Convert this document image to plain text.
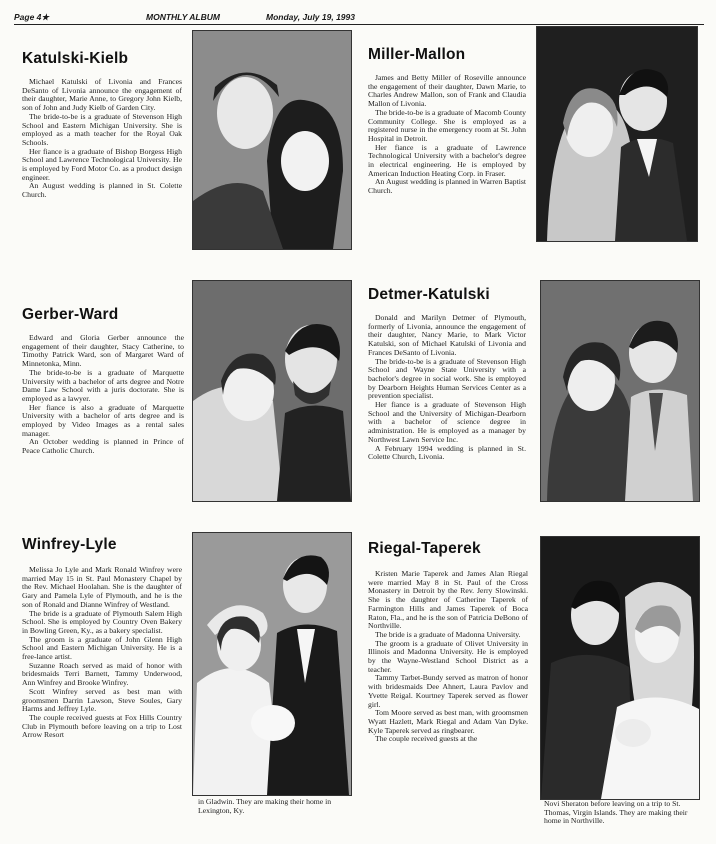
Page 4★	MONTHLY ALBUM	Monday, July 19, 1993
Katulski-Kielb

Michael Katulski of Livonia and Frances DeSanto of Livonia announce the engagement of their daughter, Marie Anne, to Gregory John Kielb, son of John and Judy Kielb of Garden City.

The bride-to-be is a graduate of Stevenson High School and Eastern Michigan University. She is employed as a math teacher for the Royal Oak Schools.

Her fiance is a graduate of Bishop Borgess High School and Lawrence Technological University. He is employed by Ford Motor Co. as a product design engineer.

An August wedding is planned in St. Colette Church.

Miller-Mallon

James and Betty Miller of Roseville announce the engagement of their daughter, Dawn Marie, to Charles Andrew Mallon, son of Frank and Claudia Mallon of Livonia.

The bride-to-be is a graduate of Macomb County Community College. She is employed as a registered nurse in the emergency room at St. John Hospital in Detroit.

Her fiance is a graduate of Lawrence Technological University with a bachelor's degree in electrical engineering. He is employed by American Induction Heating Corp. in Fraser.

An August wedding is planned in Warren Baptist Church.

Gerber-Ward

Edward and Gloria Gerber announce the engagement of their daughter, Stacy Catherine, to Timothy Patrick Ward, son of Margaret Ward of Minnetonka, Minn.

The bride-to-be is a graduate of Marquette University with a bachelor of arts degree and Notre Dame Law School with a juris doctorate. She is employed as a lawyer.

Her fiance is also a graduate of Marquette University with a bachelor of arts degree and is employed by Video Images as a rental sales manager.

An October wedding is planned in Prince of Peace Catholic Church.

Detmer-Katulski

Donald and Marilyn Detmer of Plymouth, formerly of Livonia, announce the engagement of their daughter, Nancy Marie, to Mark Victor Katulski, son of Michael Katulski of Livonia and Frances DeSanto of Livonia.

The bride-to-be is a graduate of Stevenson High School and Wayne State University with a bachelor's degree in social work. She is employed by Dearborn Heights Human Services Center as a prevention specialist.

Her fiance is a graduate of Stevenson High School and the University of Michigan-Dearborn with a bachelor of science degree in administration. He is employed as a manager by Northwest Lawn Service Inc.

A February 1994 wedding is planned in St. Colette Church, Livonia.

Winfrey-Lyle

Melissa Jo Lyle and Mark Ronald Winfrey were married May 15 in St. Paul Monastery Chapel by the Rev. Michael Hoolahan. She is the daughter of Gary and Pamela Lyle of Plymouth, and he is the son of Ronald and Dianne Winfrey of Westland.

The bride is a graduate of Plymouth Salem High School. She is employed by Country Oven Bakery in Bowling Green, Ky., as a bakery specialist.

The groom is a graduate of John Glenn High School and Eastern Michigan University. He is a free-lance artist.

Suzanne Roach served as maid of honor with bridesmaids Terri Barnett, Tammy Underwood, Ann Winfrey and Brooke Winfrey.

Scott Winfrey served as best man with groomsmen Darrin Lawson, Steve Soules, Gary Harms and Jeffrey Lyle.

The couple received guests at Fox Hills Country Club in Plymouth before leaving on a trip to Lost Arrow Resort

in Gladwin. They are making their home in Lexington, Ky.
Riegal-Taperek

Kristen Marie Taperek and James Alan Riegal were married May 8 in St. Paul of the Cross Monastery in Detroit by the Rev. Jerry Slowinski. She is the daughter of Catherine Taperek of Farmington Hills and James Taperek of Boca Raton, Fla., and he is the son of Patricia DeBono of Northville.

The bride is a graduate of Madonna University.

The groom is a graduate of Olivet University in Illinois and Madonna University. He is employed by the Wayne-Westland School District as a teacher.

Tammy Tarbet-Bundy served as matron of honor with bridesmaids Dee Ahnert, Laura Pavlov and Yvette Reigal. Kourtney Taperek served as flower girl.

Tom Moore served as best man, with groomsmen Wyatt Hazlett, Mark Riegal and Adam Van Dyke. Kyle Taperek served as ringbearer.

The couple received guests at the

Novi Sheraton before leaving on a trip to St. Thomas, Virgin Islands. They are making their home in Northville.
